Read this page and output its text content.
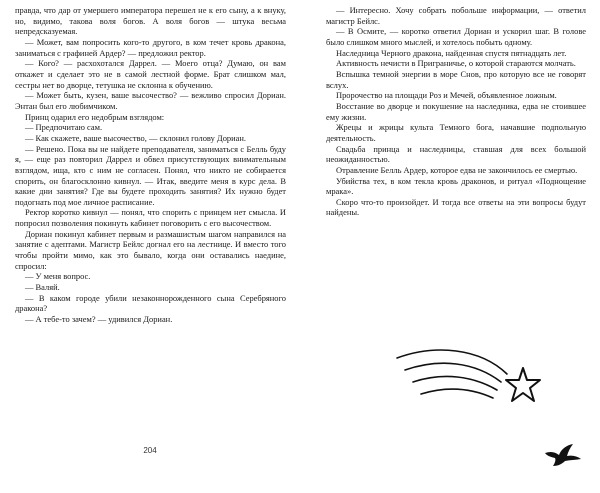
правда, что дар от умершего императора перешел не к его сыну, а к внуку, но, видимо, такова воля богов. А воля богов — штука весьма непредсказуемая.

— Может, вам попросить кого-то другого, в ком течет кровь дракона, заниматься с графиней Ардер? — предложил ректор.

— Кого? — расхохотался Даррел. — Моего отца? Думаю, он вам откажет и сделает это не в самой лестной форме. Брат слишком мал, сестры нет во дворце, тетушка не склонна к обучению.

— Может быть, кузен, ваше высочество? — вежливо спросил Дориан. Энтан был его любимчиком.

Принц одарил его недобрым взглядом:

— Предпочитаю сам.

— Как скажете, ваше высочество, — склонил голову Дориан.

— Решено. Пока вы не найдете преподавателя, заниматься с Белль буду я, — еще раз повторил Даррел и обвел присутствующих внимательным взглядом, ища, кто с ним не согласен. Понял, что никто не собирается спорить, он благосклонно кивнул. — Итак, введите меня в курс дела. В какие дни занятия? Где вы будете проходить занятия? Их нужно будет подогнать под мое личное расписание.

Ректор коротко кивнул — понял, что спорить с принцем нет смысла. И попросил позволения покинуть кабинет поговорить с его высочеством.

Дориан покинул кабинет первым и размашистым шагом направился на занятие с адептами. Магистр Бейлс догнал его на лестнице. И вместо того чтобы пройти мимо, как это бывало, когда они оставались наедине, спросил:

— У меня вопрос.

— Валяй.

— В каком городе убили незаконнорожденного сына Серебряного дракона?

— А тебе-то зачем? — удивился Дориан.

204

— Интересно. Хочу собрать побольше информации, — ответил магистр Бейлс.

— В Осмите, — коротко ответил Дориан и ускорил шаг. В голове было слишком много мыслей, и хотелось побыть одному.

Наследница Черного дракона, найденная спустя пятнадцать лет.

Активность нечисти в Приграничье, о которой стараются молчать.

Вспышка темной энергии в море Снов, про которую все не говорят вслух.

Пророчество на площади Роз и Мечей, объявленное ложным.

Восстание во дворце и покушение на наследника, едва не стоившее ему жизни.

Жрецы и жрицы культа Темного бога, начавшие подпольную деятельность.

Свадьба принца и наследницы, ставшая для всех большой неожиданностью.

Отравление Белль Ардер, которое едва не закончилось ее смертью.

Убийства тех, в ком текла кровь драконов, и ритуал «Поднощение мрака».

Скоро что-то произойдет. И тогда все ответы на эти вопросы будут найдены.
